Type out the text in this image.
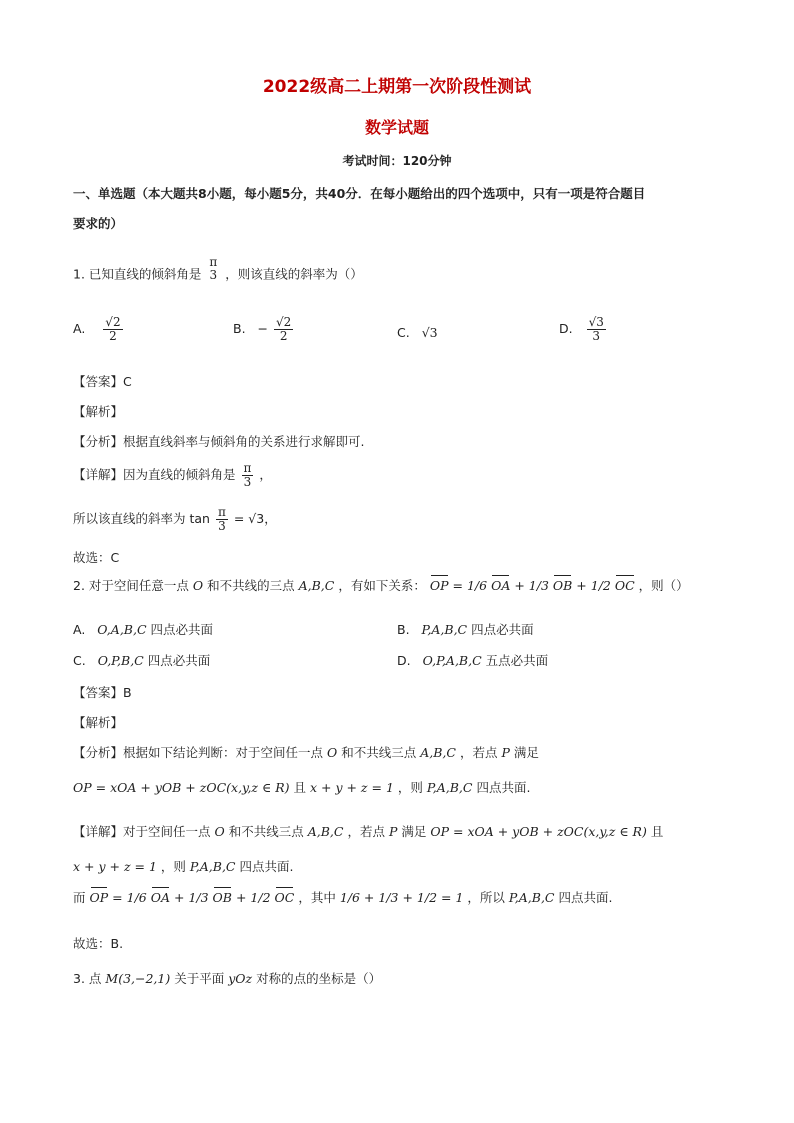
2022级高二上期第一次阶段性测试
数学试题
考试时间：120分钟
一、单选题（本大题共8小题，每小题5分，共40分．在每小题给出的四个选项中，只有一项是符合题目
要求的）
1. 已知直线的倾斜角是
π
3 ，则该直线的斜率为（）
A. $\frac{√2}{2}$	B. − $\frac{√2}{2}$	C. √3	D. $\frac{√3}{3}$
【答案】C
【解析】
【分析】根据直线斜率与倾斜角的关系进行求解即可.
【详解】因为直线的倾斜角是 $\frac{\pi}{3}$ ，
所以该直线的斜率为 $\tan \frac{\pi}{3} = √3$，
故选：C
2. 对于空间任意一点 O 和不共线的三点 A,B,C ，有如下关系： OP = 1/6 OA + 1/3 OB + 1/2 OC ，则（）
A. O,A,B,C 四点必共面	B. P,A,B,C 四点必共面
C. O,P,B,C 四点必共面	D. O,P,A,B,C 五点必共面
【答案】B
【解析】
【分析】根据如下结论判断：对于空间任一点 O 和不共线三点 A,B,C ，若点 P 满足
OP = xOA + yOB + zOC(x,y,z ∈ R) 且 x + y + z = 1 ，则 P,A,B,C 四点共面.
【详解】对于空间任一点 O 和不共线三点 A,B,C ，若点 P 满足 OP = xOA + yOB + zOC(x,y,z ∈ R) 且
x + y + z = 1 ，则 P,A,B,C 四点共面.
而 OP = 1/6 OA + 1/3 OB + 1/2 OC ，其中 1/6 + 1/3 + 1/2 = 1 ，所以 P,A,B,C 四点共面.
故选：B.
3. 点 M(3,−2,1) 关于平面 yOz 对称的点的坐标是（）
